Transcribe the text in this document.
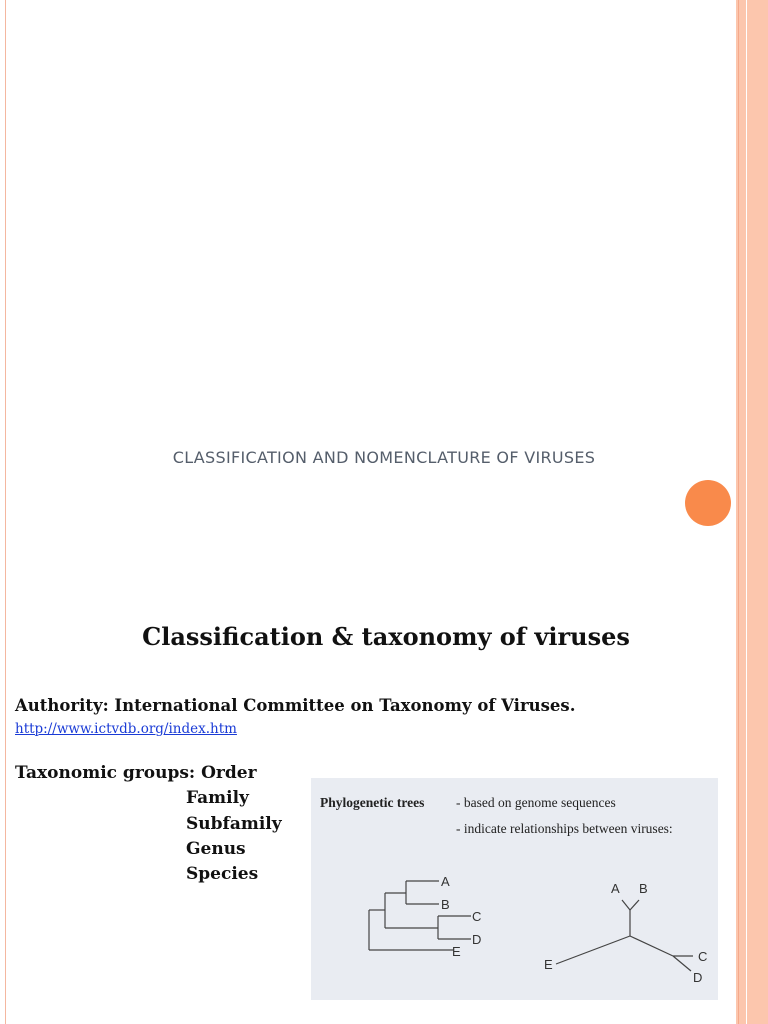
CLASSIFICATION AND NOMENCLATURE OF VIRUSES
Classification & taxonomy of viruses
Authority: International Committee on Taxonomy of Viruses.
http://www.ictvdb.org/index.htm
Taxonomic groups: Order
Family
Subfamily
Genus
Species
Phylogenetic trees - based on genome sequences
- indicate relationships between viruses:
A
B
C
D
E
A B
C
D
E
